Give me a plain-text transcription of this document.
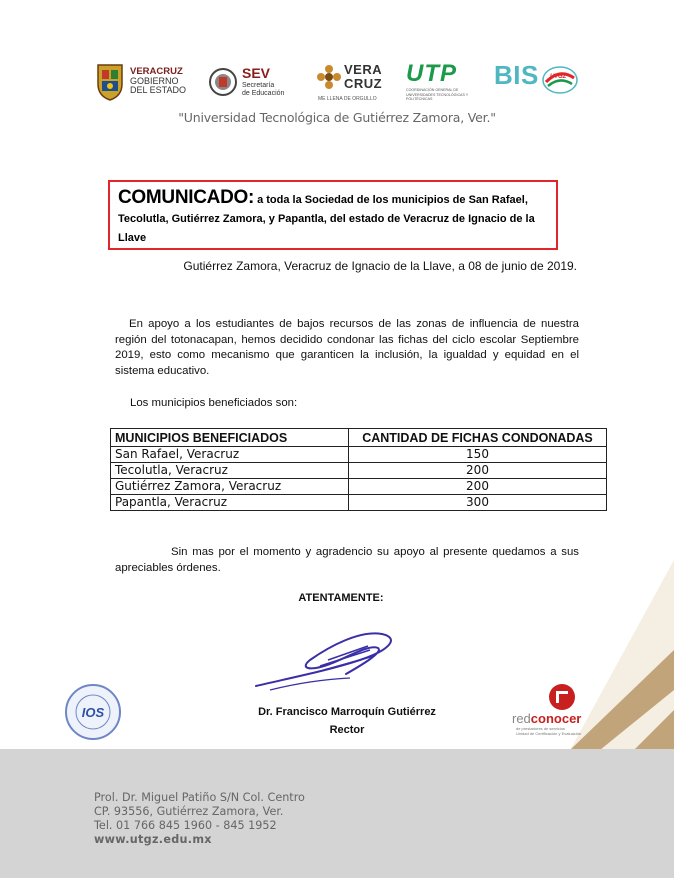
VERACRUZ
GOBIERNO
DEL ESTADO
SEV
Secretaría
de Educación
VERA
CRUZ
ME LLENA DE ORGULLO
UTP
COORDINACIÓN GENERAL DE UNIVERSIDADES TECNOLÓGICAS Y POLITÉCNICAS
BIS UTGZ
"Universidad Tecnológica de Gutiérrez Zamora, Ver."
COMUNICADO: a toda la Sociedad de los municipios de San Rafael, Tecolutla, Gutiérrez Zamora, y Papantla, del estado de Veracruz de Ignacio de la Llave
Gutiérrez Zamora, Veracruz de Ignacio de la Llave, a 08 de junio de 2019.
En apoyo a los estudiantes de bajos recursos de las zonas de influencia de nuestra región del totonacapan, hemos decidido condonar las fichas del ciclo escolar Septiembre 2019, esto como mecanismo que garanticen la inclusión, la igualdad y equidad en el sistema educativo.
Los municipios beneficiados son:
MUNICIPIOS BENEFICIADOS	CANTIDAD DE FICHAS CONDONADAS
San Rafael, Veracruz	150
Tecolutla, Veracruz	200
Gutiérrez Zamora, Veracruz	200
Papantla, Veracruz	300
Sin mas por el momento y agradencio su apoyo al presente quedamos a sus apreciables órdenes.
ATENTAMENTE:
Dr. Francisco Marroquín Gutiérrez
Rector
IOS	redconocer
de prestadores de servicios
Unidad de Certificación y Evaluación
Prol. Dr. Miguel Patiño S/N Col. Centro
CP. 93556, Gutiérrez Zamora, Ver.
Tel. 01 766 845 1960 - 845 1952
www.utgz.edu.mx
